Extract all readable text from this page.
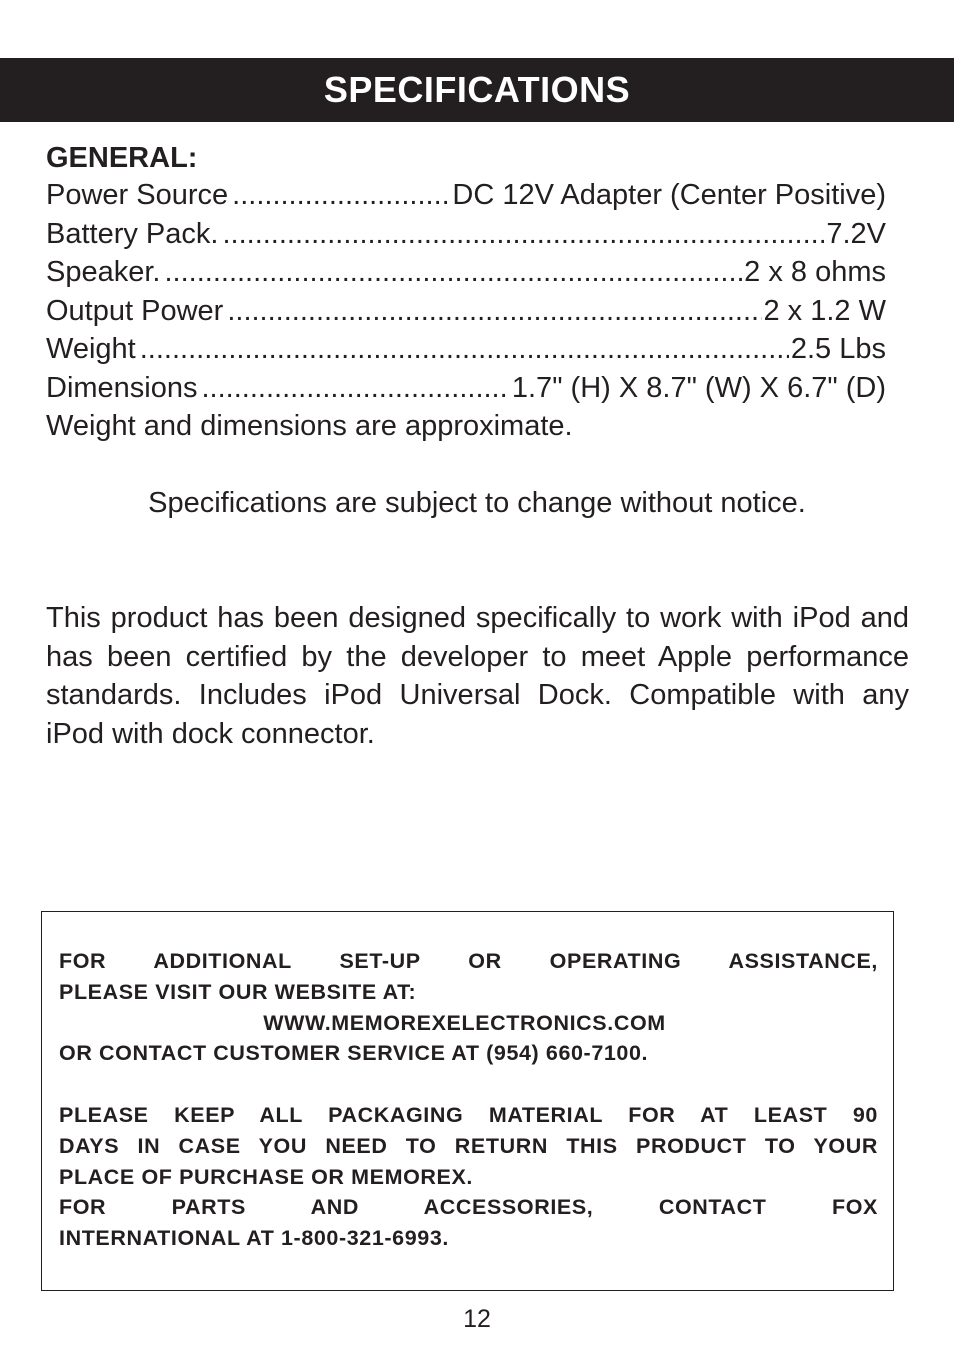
SPECIFICATIONS
GENERAL:
Power Source .....	DC 12V Adapter (Center Positive)
Battery Pack. .....	7.2V
Speaker. .....	2 x 8 ohms
Output Power .....	2 x 1.2 W
Weight .....	2.5 Lbs
Dimensions .....	1.7" (H) X 8.7" (W) X 6.7" (D)
Weight and dimensions are approximate.
Specifications are subject to change without notice.
This product has been designed specifically to work with iPod and has been certified by the developer to meet Apple performance standards. Includes iPod Universal Dock. Compatible with any iPod with dock connector.

FOR ADDITIONAL SET-UP OR OPERATING ASSISTANCE,

PLEASE VISIT OUR WEBSITE AT:

WWW.MEMOREXELECTRONICS.COM

OR CONTACT CUSTOMER SERVICE AT (954) 660-7100.

PLEASE KEEP ALL PACKAGING MATERIAL FOR AT LEAST 90

DAYS IN CASE YOU NEED TO RETURN THIS PRODUCT TO YOUR

PLACE OF PURCHASE OR MEMOREX.

FOR PARTS AND ACCESSORIES, CONTACT FOX

INTERNATIONAL AT 1-800-321-6993.

12
